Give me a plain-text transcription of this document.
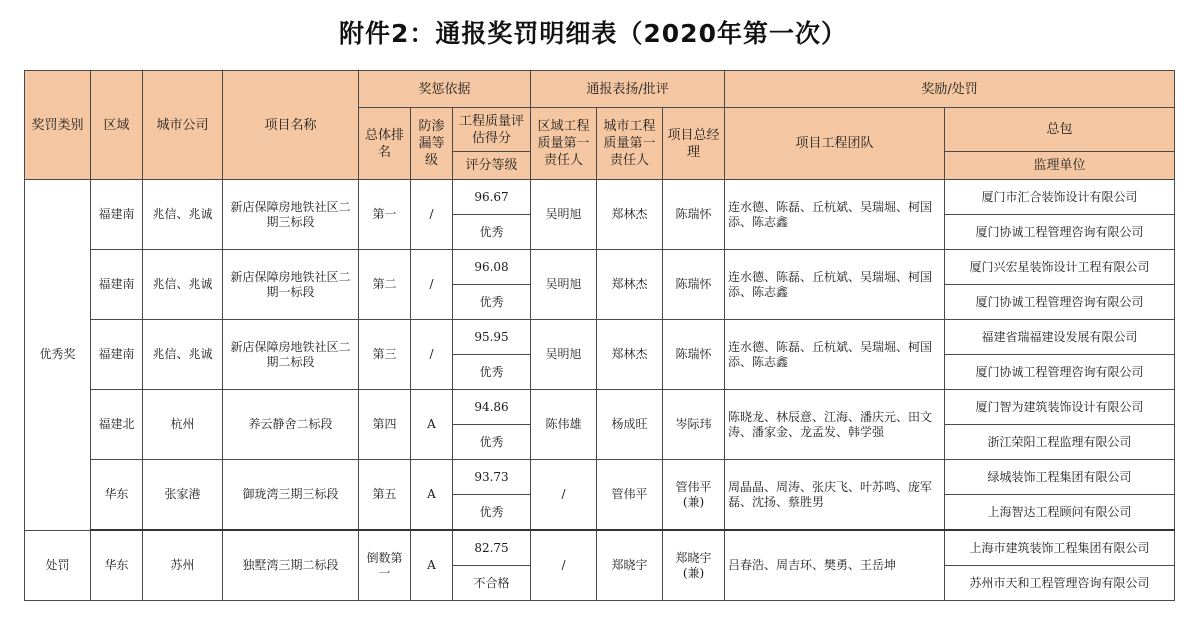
附件2：通报奖罚明细表（2020年第一次）
奖罚类别	区域	城市公司	项目名称	奖惩依据			通报表扬/批评			奖励/处罚	
				总体排名	防渗漏等级	工程质量评估得分	区域工程质量第一责任人	城市工程质量第一责任人	项目总经理	项目工程团队	总包
						评分等级					监理单位
优秀奖	福建南	兆信、兆诚	新店保障房地铁社区二期三标段	第一	/	96.67	吴明旭	郑林杰	陈瑞怀	连水德、陈磊、丘杭斌、吴瑞堀、柯国添、陈志鑫	厦门市汇合装饰设计有限公司
						优秀					厦门协诚工程管理咨询有限公司
	福建南	兆信、兆诚	新店保障房地铁社区二期一标段	第二	/	96.08	吴明旭	郑林杰	陈瑞怀	连水德、陈磊、丘杭斌、吴瑞堀、柯国添、陈志鑫	厦门兴宏星装饰设计工程有限公司
						优秀					厦门协诚工程管理咨询有限公司
	福建南	兆信、兆诚	新店保障房地铁社区二期二标段	第三	/	95.95	吴明旭	郑林杰	陈瑞怀	连水德、陈磊、丘杭斌、吴瑞堀、柯国添、陈志鑫	福建省瑞福建设发展有限公司
						优秀					厦门协诚工程管理咨询有限公司
	福建北	杭州	养云静舍二标段	第四	A	94.86	陈伟雄	杨成旺	岑际玮	陈晓龙、林辰意、江海、潘庆元、田文涛、潘家金、龙孟发、韩学强	厦门智为建筑装饰设计有限公司
						优秀					浙江荣阳工程监理有限公司
	华东	张家港	御珑湾三期三标段	第五	A	93.73	/	管伟平	管伟平(兼)	周晶晶、周涛、张庆飞、叶苏鸣、庞军磊、沈扬、蔡胜男	绿城装饰工程集团有限公司
						优秀					上海智达工程顾问有限公司
处罚	华东	苏州	独墅湾三期二标段	倒数第一	A	82.75	/	郑晓宇	郑晓宇(兼)	吕春浩、周吉环、樊勇、王岳坤	上海市建筑装饰工程集团有限公司
						不合格					苏州市天和工程管理咨询有限公司
